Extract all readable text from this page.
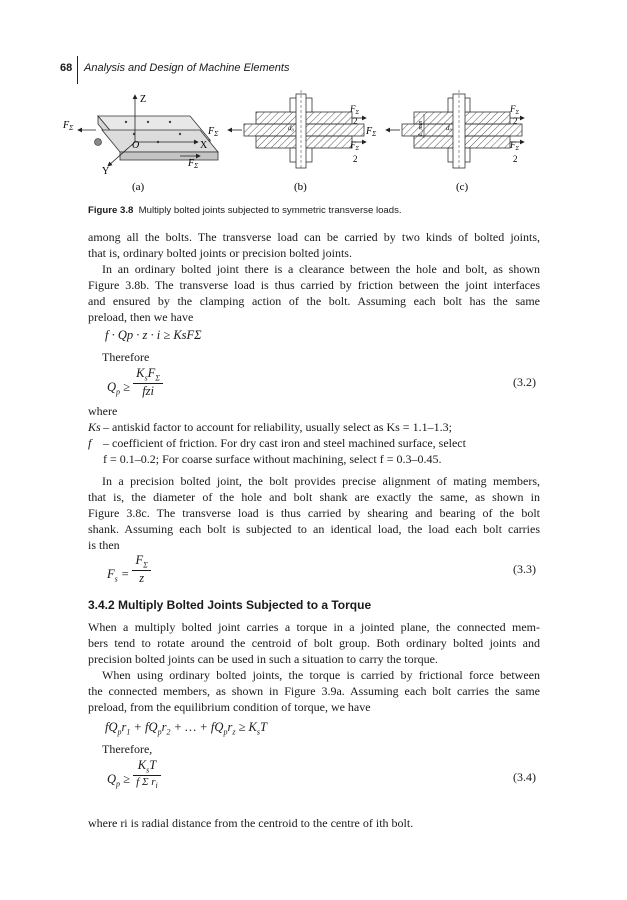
68 Analysis and Design of Machine Elements
Z
X
Y
O
$F_\Sigma$
$F_\Sigma$
$F_\Sigma$
d₀
$F_\Sigma$
2
$F_\Sigma$
2
$F_\Sigma$	L_min	d₀
$F_\Sigma$
2
$F_\Sigma$
2
(a)	(b)	(c)
Figure 3.8 Multiply bolted joints subjected to symmetric transverse loads.
among all the bolts. The transverse load can be carried by two kinds of bolted joints,
that is, ordinary bolted joints or precision bolted joints.
In an ordinary bolted joint there is a clearance between the hole and bolt, as shown
Figure 3.8b. The transverse load is thus carried by friction between the joint interfaces
and ensured by the clamping action of the bolt. Assuming each bolt has the same
preload, then we have
f · Qp · z · i ≥ KsFΣ
Therefore
$Q_p \ge \frac{K_sF_\Sigma}{\text{fzi}}$	(3.2)
where
Ks – antiskid factor to account for reliability, usually select as Ks = 1.1–1.3;
f – coefficient of friction. For dry cast iron and steel machined surface, select
f = 0.1–0.2; For coarse surface without machining, select f = 0.3–0.45.
In a precision bolted joint, the bolt provides precise alignment of mating members,
that is, the diameter of the hole and bolt shank are exactly the same, as shown in
Figure 3.8c. The transverse load is thus carried by shearing and bearing of the bolt
shank. Assuming each bolt is subjected to an identical load, the load each bolt carries
is then
$F_s = \frac{F_\Sigma}{z}$	(3.3)
3.4.2 Multiply Bolted Joints Subjected to a Torque
When a multiply bolted joint carries a torque in a jointed plane, the connected mem-
bers tend to rotate around the centroid of bolt group. Both ordinary bolted joints and
precision bolted joints can be used in such a situation to carry the torque.
When using ordinary bolted joints, the torque is carried by frictional force between
the connected members, as shown in Figure 3.9a. Assuming each bolt carries the same
preload, from the equilibrium condition of torque, we have
$fQ_pr_1 + fQ_pr_2$ + … + $fQ_pr_z \ge K_sT$
Therefore,
$Q_p \ge \frac{K_sT}{f \Sigma r_i}$	(3.4)
where ri is radial distance from the centroid to the centre of ith bolt.
